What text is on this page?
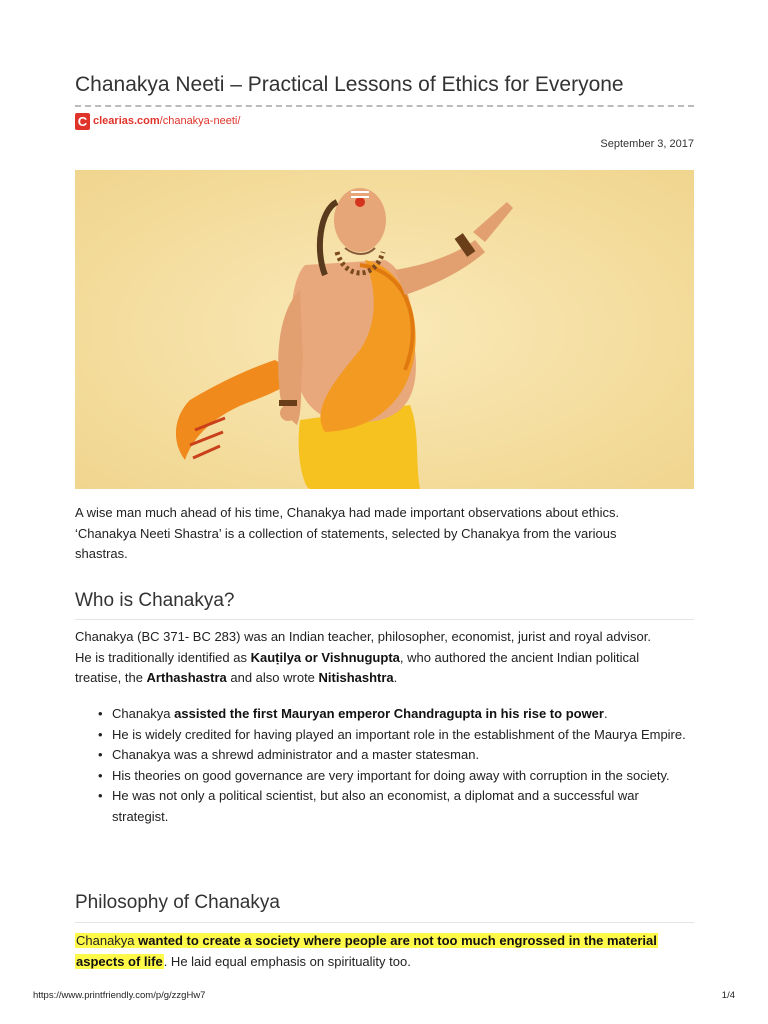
Chanakya Neeti – Practical Lessons of Ethics for Everyone
C clearias.com /chanakya-neeti/
September 3, 2017
A wise man much ahead of his time, Chanakya had made important observations about ethics.
‘Chanakya Neeti Shastra’ is a collection of statements, selected by Chanakya from the various
shastras.
Who is Chanakya?
Chanakya (BC 371- BC 283) was an Indian teacher, philosopher, economist, jurist and royal advisor.
He is traditionally identified as Kauṭilya or Vishnugupta, who authored the ancient Indian political
treatise, the Arthashastra and also wrote Nitishashtra.
• Chanakya assisted the first Mauryan emperor Chandragupta in his rise to power.
• He is widely credited for having played an important role in the establishment of the Maurya Empire.
• Chanakya was a shrewd administrator and a master statesman.
• His theories on good governance are very important for doing away with corruption in the society.
• He was not only a political scientist, but also an economist, a diplomat and a successful war strategist.
Philosophy of Chanakya
Chanakya wanted to create a society where people are not too much engrossed in the material
aspects of life. He laid equal emphasis on spirituality too.
https://www.printfriendly.com/p/g/zzgHw7	1/4
